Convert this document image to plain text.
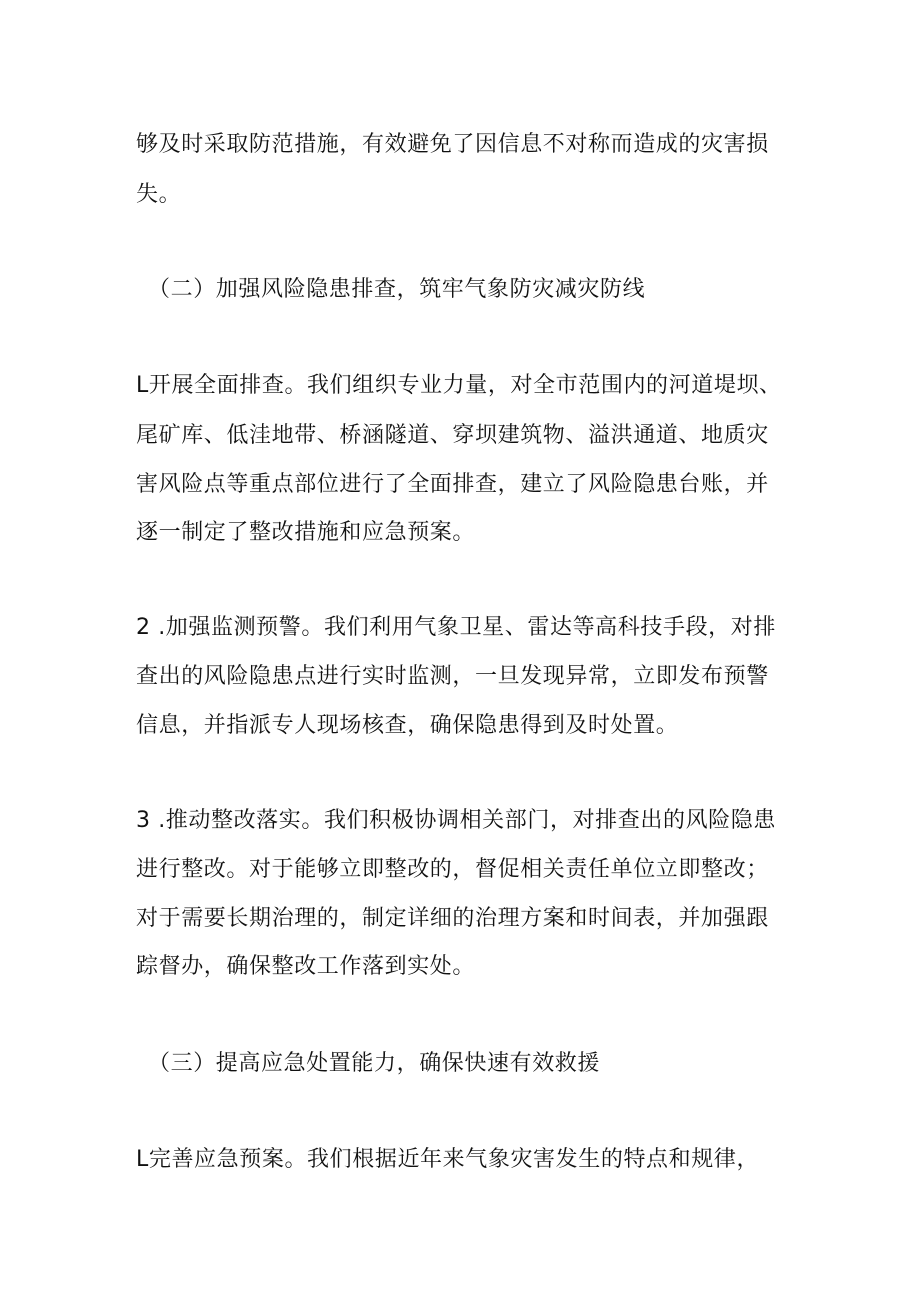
够及时采取防范措施，有效避免了因信息不对称而造成的灾害损
失。
（二）加强风险隐患排查，筑牢气象防灾减灾防线
L开展全面排查。我们组织专业力量，对全市范围内的河道堤坝、
尾矿库、低洼地带、桥涵隧道、穿坝建筑物、溢洪通道、地质灾
害风险点等重点部位进行了全面排查，建立了风险隐患台账，并
逐一制定了整改措施和应急预案。
2 .加强监测预警。我们利用气象卫星、雷达等高科技手段，对排
查出的风险隐患点进行实时监测，一旦发现异常，立即发布预警
信息，并指派专人现场核查，确保隐患得到及时处置。
3 .推动整改落实。我们积极协调相关部门，对排查出的风险隐患
进行整改。对于能够立即整改的，督促相关责任单位立即整改；
对于需要长期治理的，制定详细的治理方案和时间表，并加强跟
踪督办，确保整改工作落到实处。
（三）提高应急处置能力，确保快速有效救援
L完善应急预案。我们根据近年来气象灾害发生的特点和规律，
